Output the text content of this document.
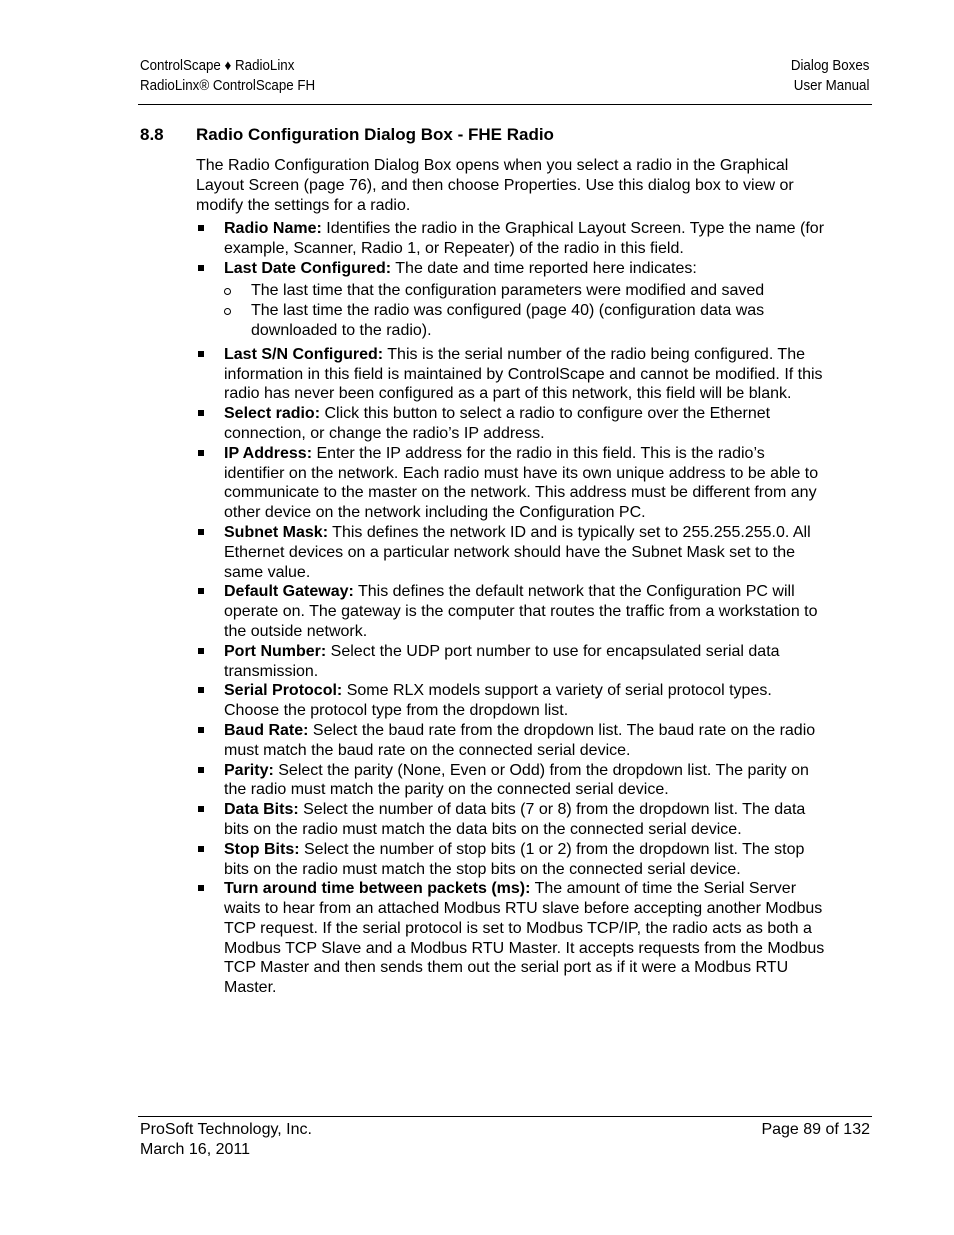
ControlScape ♦ RadioLinx
RadioLinx® ControlScape FH
Dialog Boxes
User Manual
8.8 Radio Configuration Dialog Box - FHE Radio

The Radio Configuration Dialog Box opens when you select a radio in the Graphical Layout Screen (page 76), and then choose Properties. Use this dialog box to view or modify the settings for a radio.

Radio Name: Identifies the radio in the Graphical Layout Screen. Type the name (for example, Scanner, Radio 1, or Repeater) of the radio in this field.
Last Date Configured: The date and time reported here indicates:
The last time that the configuration parameters were modified and saved
The last time the radio was configured (page 40) (configuration data was downloaded to the radio).
Last S/N Configured: This is the serial number of the radio being configured. The information in this field is maintained by ControlScape and cannot be modified. If this radio has never been configured as a part of this network, this field will be blank.
Select radio: Click this button to select a radio to configure over the Ethernet connection, or change the radio’s IP address.
IP Address: Enter the IP address for the radio in this field. This is the radio’s identifier on the network. Each radio must have its own unique address to be able to communicate to the master on the network. This address must be different from any other device on the network including the Configuration PC.
Subnet Mask: This defines the network ID and is typically set to 255.255.255.0. All Ethernet devices on a particular network should have the Subnet Mask set to the same value.
Default Gateway: This defines the default network that the Configuration PC will operate on. The gateway is the computer that routes the traffic from a workstation to the outside network.
Port Number: Select the UDP port number to use for encapsulated serial data transmission.
Serial Protocol: Some RLX models support a variety of serial protocol types. Choose the protocol type from the dropdown list.
Baud Rate: Select the baud rate from the dropdown list. The baud rate on the radio must match the baud rate on the connected serial device.
Parity: Select the parity (None, Even or Odd) from the dropdown list. The parity on the radio must match the parity on the connected serial device.
Data Bits: Select the number of data bits (7 or 8) from the dropdown list. The data bits on the radio must match the data bits on the connected serial device.
Stop Bits: Select the number of stop bits (1 or 2) from the dropdown list. The stop bits on the radio must match the stop bits on the connected serial device.
Turn around time between packets (ms): The amount of time the Serial Server waits to hear from an attached Modbus RTU slave before accepting another Modbus TCP request. If the serial protocol is set to Modbus TCP/IP, the radio acts as both a Modbus TCP Slave and a Modbus RTU Master. It accepts requests from the Modbus TCP Master and then sends them out the serial port as if it were a Modbus RTU Master.
ProSoft Technology, Inc.
March 16, 2011
Page 89 of 132
